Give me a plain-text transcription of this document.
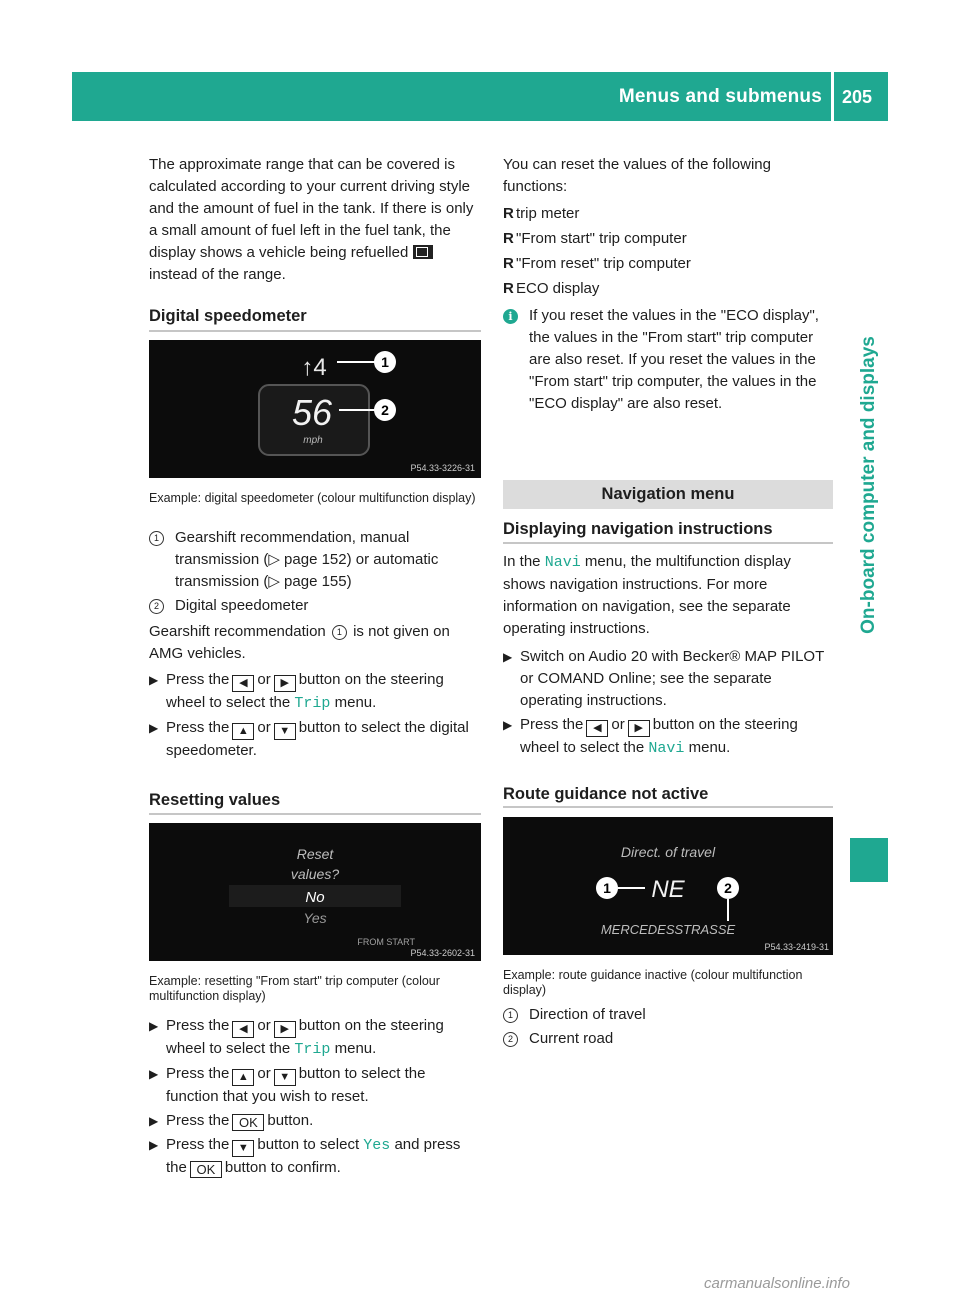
Menus and submenus 205
On-board computer and displays

The approximate range that can be covered is calculated according to your current driving style and the amount of fuel in the tank. If there is only a small amount of fuel left in the fuel tank, the display shows a vehicle being refuelled
instead of the range.

Digital speedometer
↑4
56
mph
1
2
P54.33-3226-31
Example: digital speedometer (colour multifunction display)
1	Gearshift recommendation, manual transmission (▷ page 152) or automatic transmission (▷ page 155)
2	Digital speedometer

Gearshift recommendation 1 is not given on AMG vehicles.

▶ Press the ◀ or ▶ button on the steering wheel to select the Trip menu.
▶ Press the ▲ or ▼ button to select the digital speedometer.
Resetting values
Reset
values?
No
Yes
FROM START
P54.33-2602-31
Example: resetting "From start" trip computer (colour multifunction display)
▶ Press the ◀ or ▶ button on the steering wheel to select the Trip menu.
▶ Press the ▲ or ▼ button to select the function that you wish to reset.
▶ Press the OK button.
▶ Press the ▼ button to select Yes and press the OK button to confirm.

You can reset the values of the following functions:

R trip meter
R "From start" trip computer
R "From reset" trip computer
R ECO display
i	If you reset the values in the "ECO display", the values in the "From start" trip computer are also reset. If you reset the values in the "From start" trip computer, the values in the "ECO display" are also reset.
Navigation menu
Displaying navigation instructions

In the Navi menu, the multifunction display shows navigation instructions. For more information on navigation, see the separate operating instructions.

▶ Switch on Audio 20 with Becker® MAP PILOT or COMAND Online; see the separate operating instructions.
▶ Press the ◀ or ▶ button on the steering wheel to select the Navi menu.
Route guidance not active
Direct. of travel
NE
1	2
MERCEDESSTRASSE
P54.33-2419-31
Example: route guidance inactive (colour multifunction display)
1	Direction of travel
2	Current road
carmanualsonline.info
